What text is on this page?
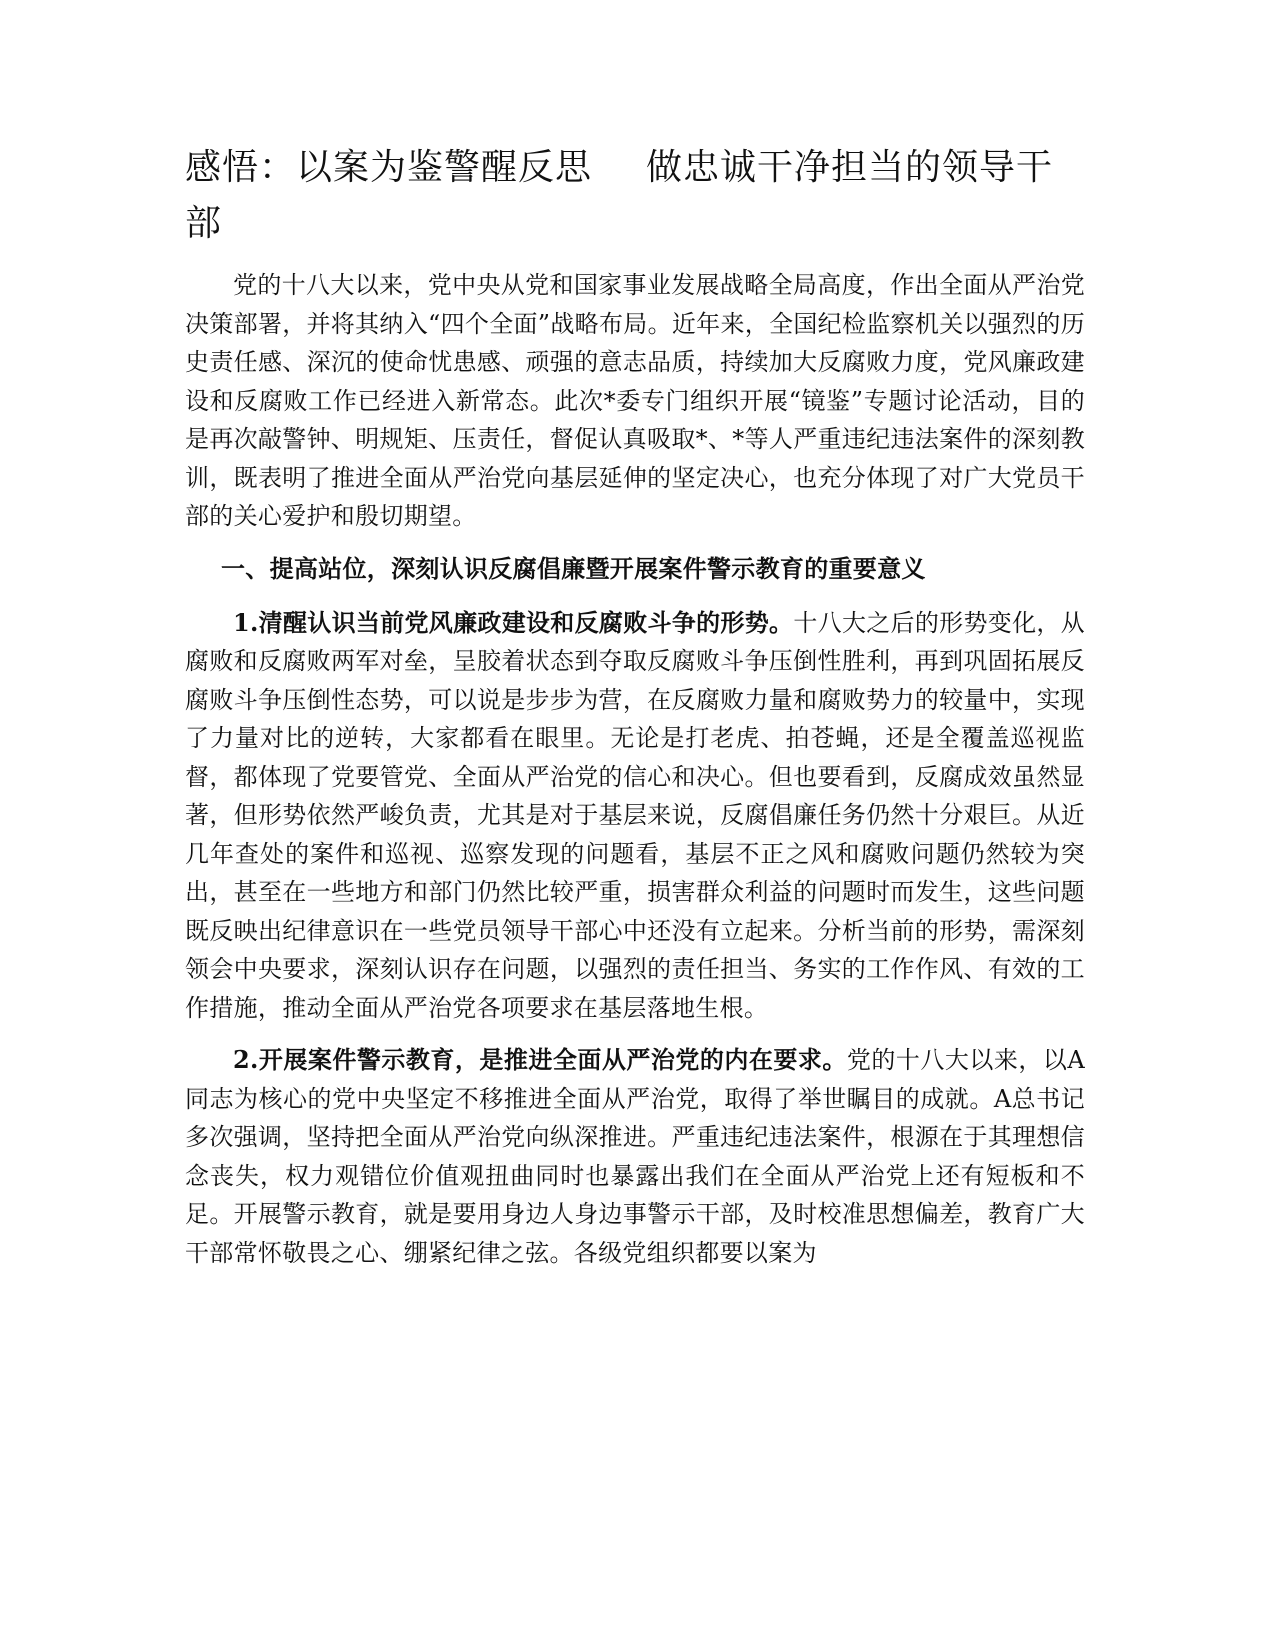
感悟：以案为鉴警醒反思 做忠诚干净担当的领导干部

党的十八大以来，党中央从党和国家事业发展战略全局高度，作出全面从严治党决策部署，并将其纳入“四个全面”战略布局。近年来，全国纪检监察机关以强烈的历史责任感、深沉的使命忧患感、顽强的意志品质，持续加大反腐败力度，党风廉政建设和反腐败工作已经进入新常态。此次*委专门组织开展“镜鉴”专题讨论活动，目的是再次敲警钟、明规矩、压责任，督促认真吸取*、*等人严重违纪违法案件的深刻教训，既表明了推进全面从严治党向基层延伸的坚定决心，也充分体现了对广大党员干部的关心爱护和殷切期望。

一、提高站位，深刻认识反腐倡廉暨开展案件警示教育的重要意义

1.清醒认识当前党风廉政建设和反腐败斗争的形势。十八大之后的形势变化，从腐败和反腐败两军对垒，呈胶着状态到夺取反腐败斗争压倒性胜利，再到巩固拓展反腐败斗争压倒性态势，可以说是步步为营，在反腐败力量和腐败势力的较量中，实现了力量对比的逆转，大家都看在眼里。无论是打老虎、拍苍蝇，还是全覆盖巡视监督，都体现了党要管党、全面从严治党的信心和决心。但也要看到，反腐成效虽然显著，但形势依然严峻负责，尤其是对于基层来说，反腐倡廉任务仍然十分艰巨。从近几年查处的案件和巡视、巡察发现的问题看，基层不正之风和腐败问题仍然较为突出，甚至在一些地方和部门仍然比较严重，损害群众利益的问题时而发生，这些问题既反映出纪律意识在一些党员领导干部心中还没有立起来。分析当前的形势，需深刻领会中央要求，深刻认识存在问题，以强烈的责任担当、务实的工作作风、有效的工作措施，推动全面从严治党各项要求在基层落地生根。

2.开展案件警示教育，是推进全面从严治党的内在要求。党的十八大以来，以A同志为核心的党中央坚定不移推进全面从严治党，取得了举世瞩目的成就。A总书记多次强调，坚持把全面从严治党向纵深推进。严重违纪违法案件，根源在于其理想信念丧失，权力观错位价值观扭曲同时也暴露出我们在全面从严治党上还有短板和不足。开展警示教育，就是要用身边人身边事警示干部，及时校准思想偏差，教育广大干部常怀敬畏之心、绷紧纪律之弦。各级党组织都要以案为
